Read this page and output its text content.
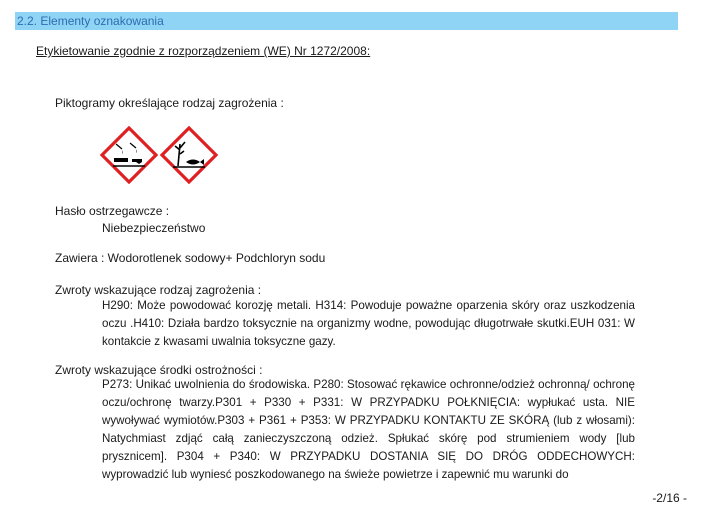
2.2. Elementy oznakowania
Etykietowanie zgodnie z rozporządzeniem (WE) Nr 1272/2008:
Piktogramy określające rodzaj zagrożenia :
Hasło ostrzegawcze :
Niebezpieczeństwo
Zawiera : Wodorotlenek sodowy+ Podchloryn sodu
Zwroty wskazujące rodzaj zagrożenia :
H290: Może powodować korozję metali. H314: Powoduje poważne oparzenia skóry oraz uszkodzenia oczu .H410: Działa bardzo toksycznie na organizmy wodne, powodując długotrwałe skutki.EUH 031: W kontakcie z kwasami uwalnia toksyczne gazy.
Zwroty wskazujące środki ostrożności :
P273: Unikać uwolnienia do środowiska. P280: Stosować rękawice ochronne/odzież ochronną/ ochronę oczu/ochronę twarzy.P301 + P330 + P331: W PRZYPADKU POŁKNIĘCIA: wypłukać usta. NIE wywoływać wymiotów.P303 + P361 + P353: W PRZYPADKU KONTAKTU ZE SKÓRĄ (lub z włosami): Natychmiast zdjąć całą zanieczyszczoną odzież. Spłukać skórę pod strumieniem wody [lub prysznicem]. P304 + P340: W PRZYPADKU DOSTANIA SIĘ DO DRÓG ODDECHOWYCH: wyprowadzić lub wyniesć poszkodowanego na świeże powietrze i zapewnić mu warunki do
-2/16 -
